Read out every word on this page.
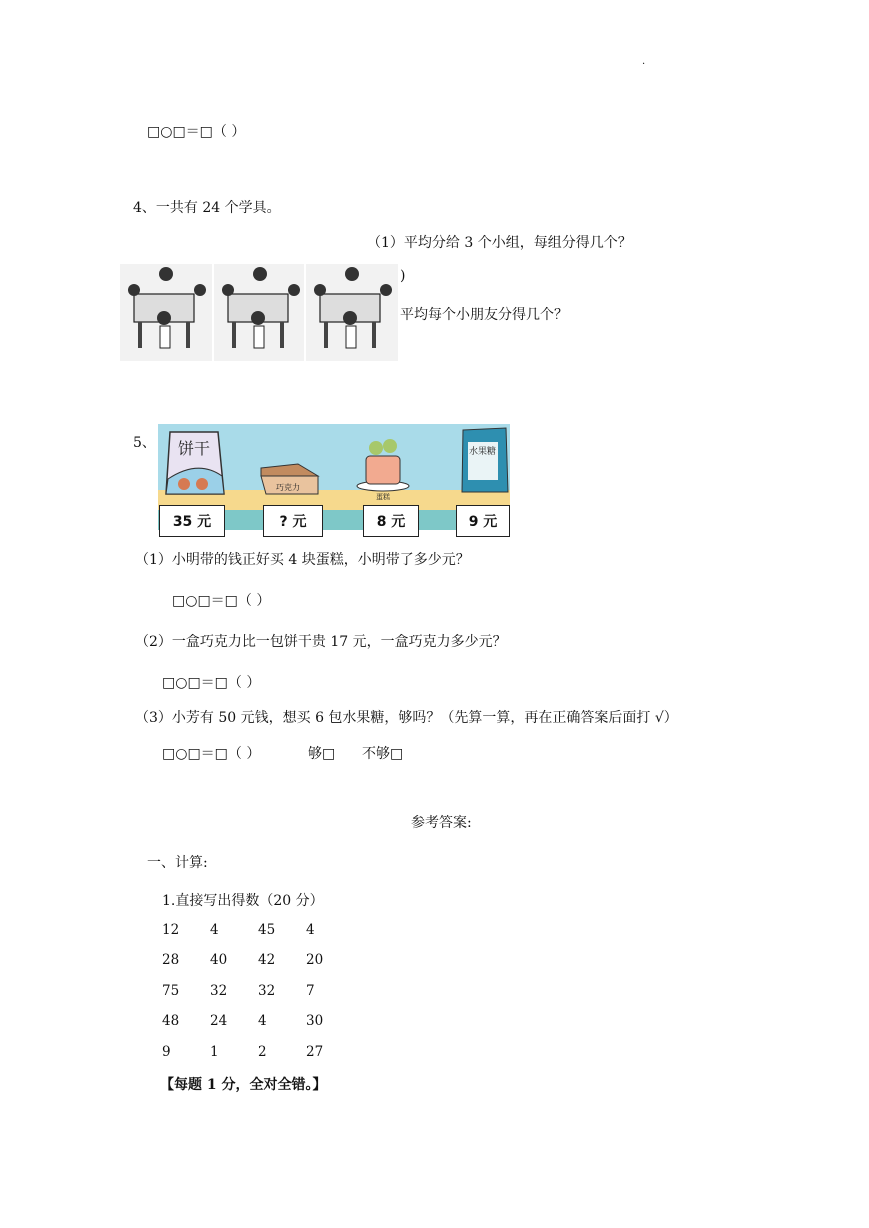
.
□○□＝□（ ）
4、一共有 24 个学具。
（1）平均分给 3 个小组，每组分得几个？
)
平均每个小朋友分得几个？
5、 饼干
巧克力
蛋糕
水果糖
35 元	? 元	8 元	9 元
（1）小明带的钱正好买 4 块蛋糕，小明带了多少元？
□○□＝□（ ）
（2）一盒巧克力比一包饼干贵 17 元，一盒巧克力多少元？
□○□＝□（ ）
（3）小芳有 50 元钱，想买 6 包水果糖，够吗？（先算一算，再在正确答案后面打 √）
□○□＝□（ ）	够□ 不够□
参考答案:
一、计算:
1.直接写出得数（20 分）
12 4	45 4
28 40 42 20
75 32 32 7
48 24 4	30
9	1	2	27
【每题 1 分，全对全错。】
